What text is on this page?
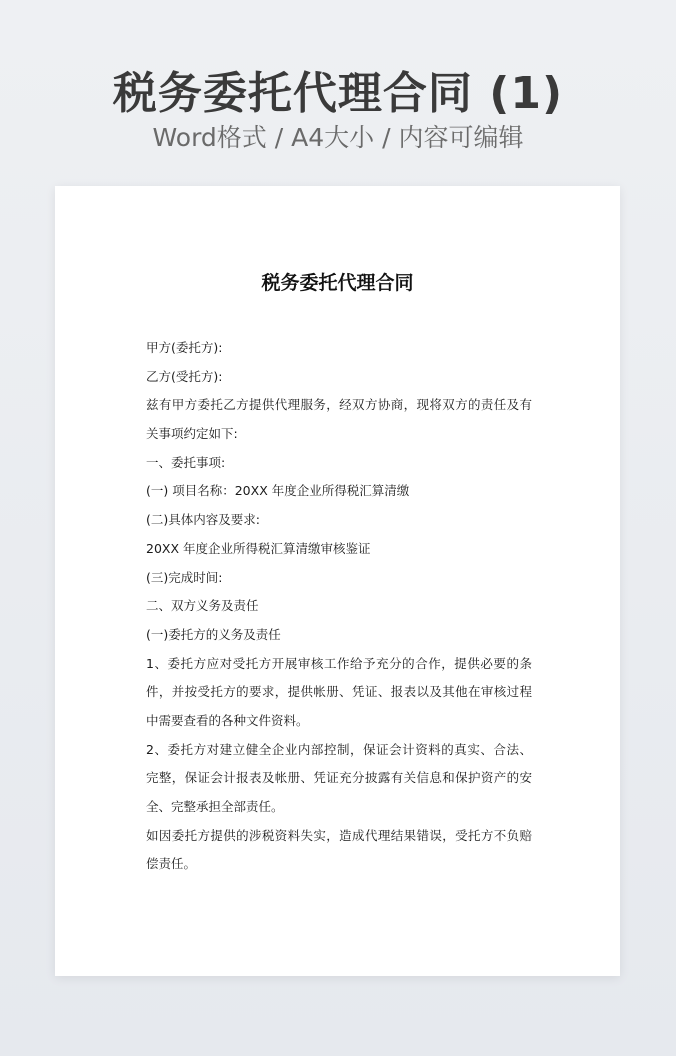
税务委托代理合同 (1)
Word格式 / A4大小 / 内容可编辑
税务委托代理合同
甲方(委托方):
乙方(受托方):
兹有甲方委托乙方提供代理服务，经双方协商，现将双方的责任及有
关事项约定如下:
一、委托事项:
(一) 项目名称：20XX 年度企业所得税汇算清缴
(二)具体内容及要求:
20XX 年度企业所得税汇算清缴审核鉴证
(三)完成时间:
二、双方义务及责任
(一)委托方的义务及责任
1、委托方应对受托方开展审核工作给予充分的合作，提供必要的条
件，并按受托方的要求，提供帐册、凭证、报表以及其他在审核过程
中需要查看的各种文件资料。
2、委托方对建立健全企业内部控制，保证会计资料的真实、合法、
完整，保证会计报表及帐册、凭证充分披露有关信息和保护资产的安
全、完整承担全部责任。
如因委托方提供的涉税资料失实，造成代理结果错误，受托方不负赔
偿责任。
